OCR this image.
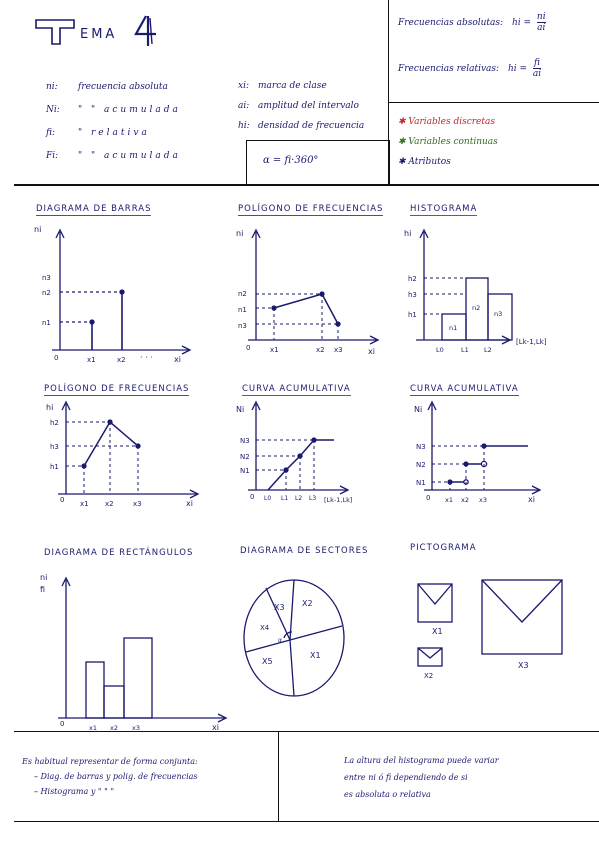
EMA
ni: frecuencia absoluta
Ni: " " acumulada
fi:	" relativa
Fi: " " acumulada
xi: marca de clase
ai: amplitud del intervalo
hi: densidad de frecuencia
α = fi·360°
Frecuencias absolutas: hi = $\frac{ni}{ai}$
Frecuencias relativas: hi = $\frac{fi}{ai}$
✱ Variables discretas
✱ Variables continuas
✱ Atributos
DIAGRAMA DE BARRAS	POLÍGONO DE FRECUENCIAS	HISTOGRAMA
POLÍGONO DE FRECUENCIAS	CURVA ACUMULATIVA	CURVA ACUMULATIVA
DIAGRAMA DE RECTÁNGULOS	DIAGRAMA DE SECTORES	PICTOGRAMA
ni
n3
n2
n1
0	x1	x2 · · ·	xi
ni
n2
n1
n3
0	x1	x2 x3	xi
hi
h2
h3
h1
n1
n2
n3
L0	L1 L2
[Lk-1,Lk]
hi
h2
h3
h1
0 x1 x2	x3	xi
Ni
N3
N2
N1
0 L0 L1 L2 L3 [Lk-1,Lk]
Ni
N3
N2
N1
0 x1 x2 x3	xi
ni
fi
0	x1 x2 x3	xi
X3 X2
X4
X5
X1
α
X1
X3
X2
Es habitual representar de forma conjunta:
– Diag. de barras y polig. de frecuencias
– Histograma y " " "
La altura del histograma puede variar
entre ni ó fi dependiendo de si
es absoluta o relativa
